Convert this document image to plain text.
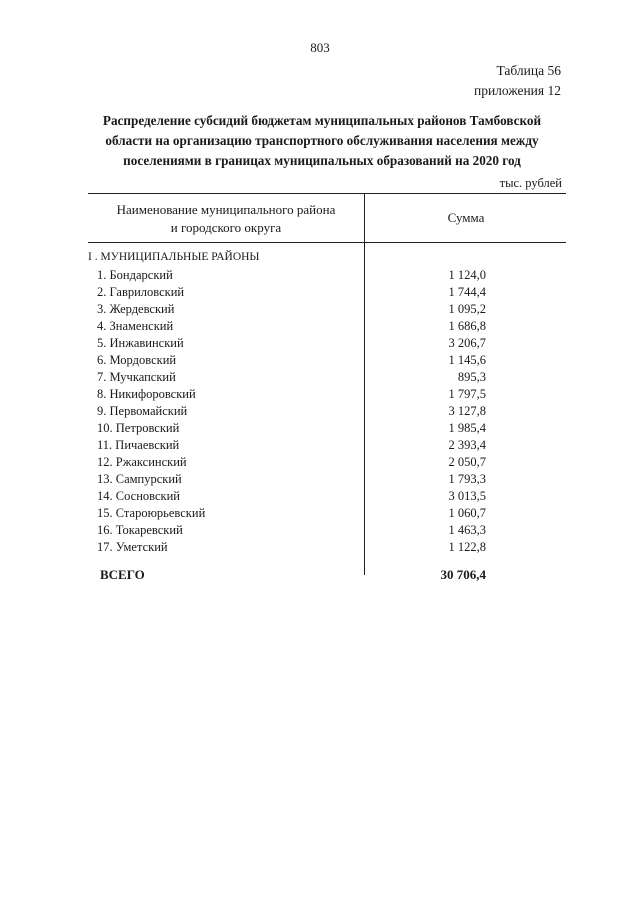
803
Таблица 56
приложения 12
Распределение субсидий бюджетам муниципальных районов Тамбовской
области на организацию транспортного обслуживания населения между
поселениями в границах муниципальных образований на 2020 год
тыс. рублей
Наименование муниципального района
и городского округа
Сумма
I . МУНИЦИПАЛЬНЫЕ РАЙОНЫ
1. Бондарский	1 124,0
2. Гавриловский	1 744,4
3. Жердевский	1 095,2
4. Знаменский	1 686,8
5. Инжавинский	3 206,7
6. Мордовский	1 145,6
7. Мучкапский	895,3
8. Никифоровский	1 797,5
9. Первомайский	3 127,8
10. Петровский	1 985,4
11. Пичаевский	2 393,4
12. Ржаксинский	2 050,7
13. Сампурский	1 793,3
14. Сосновский	3 013,5
15. Староюрьевский	1 060,7
16. Токаревский	1 463,3
17. Уметский	1 122,8
ВСЕГО	30 706,4
